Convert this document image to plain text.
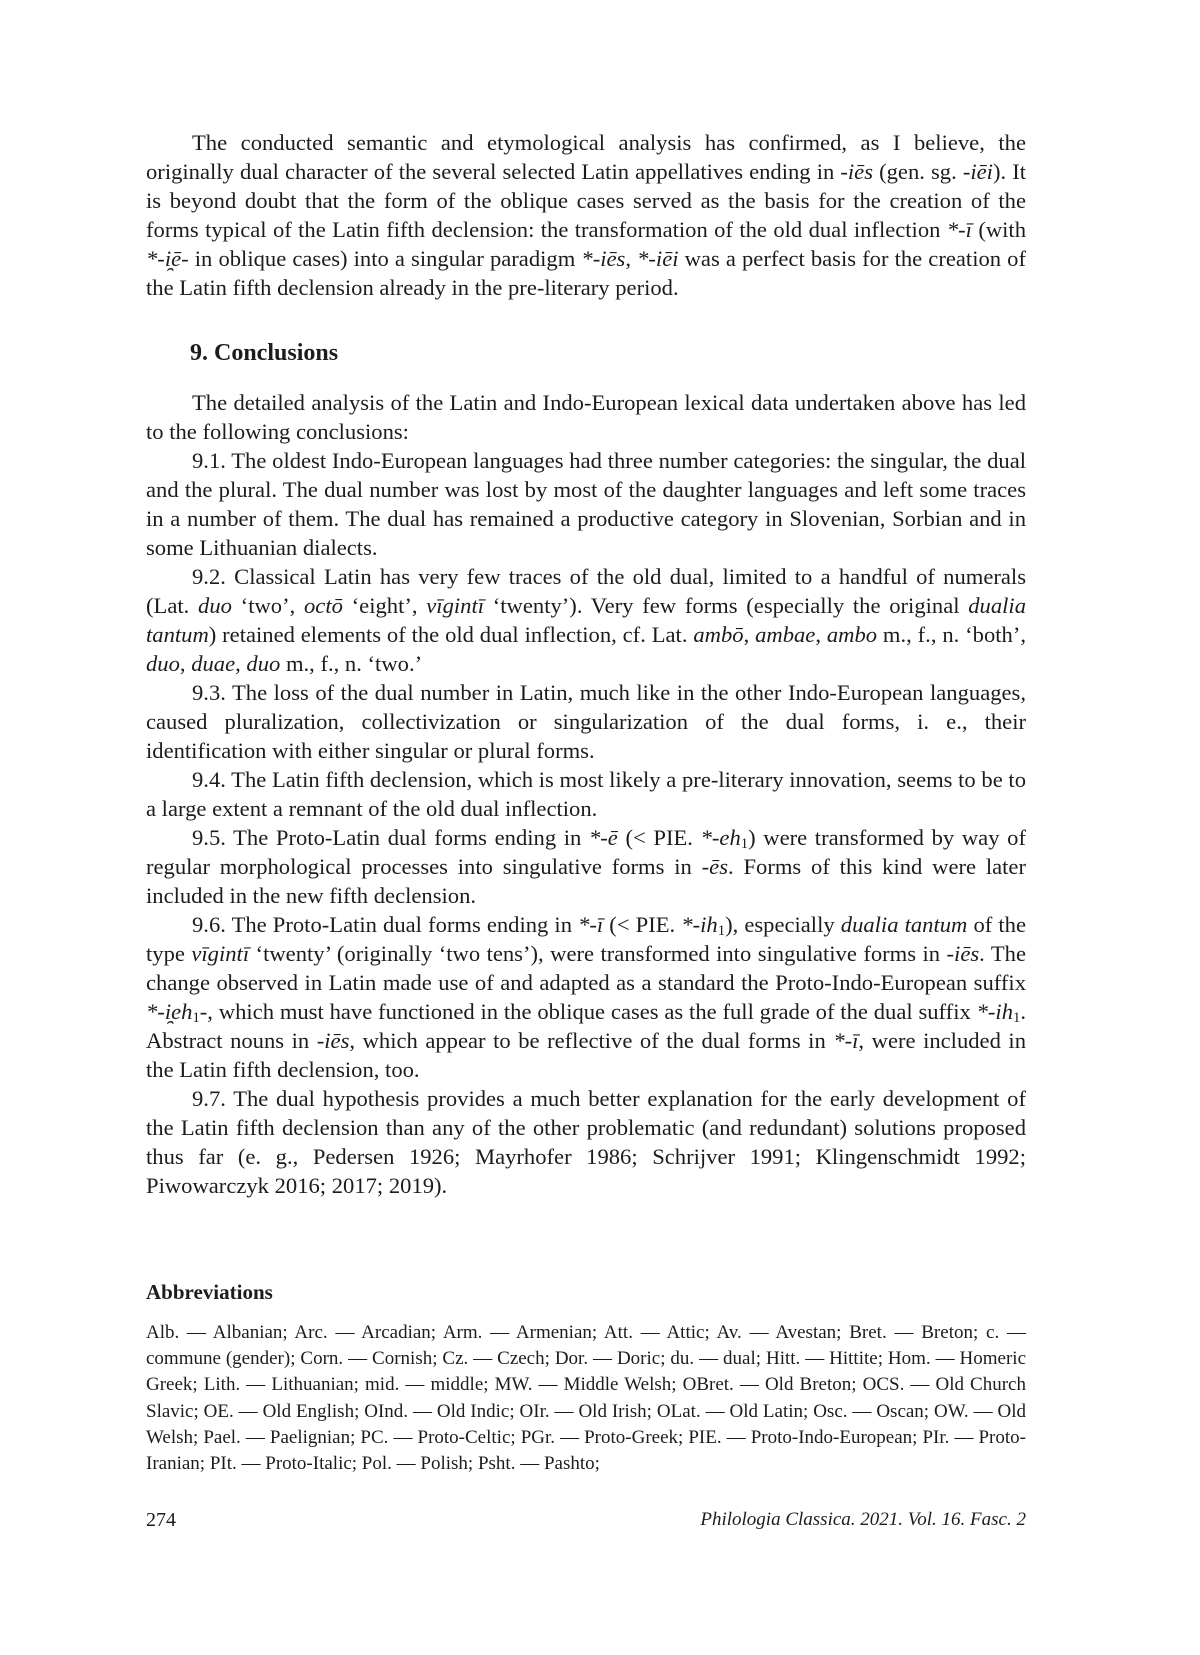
The conducted semantic and etymological analysis has confirmed, as I believe, the originally dual character of the several selected Latin appellatives ending in -iēs (gen. sg. -iēi). It is beyond doubt that the form of the oblique cases served as the basis for the creation of the forms typical of the Latin fifth declension: the transformation of the old dual inflection *-ī (with *-i̯ē- in oblique cases) into a singular paradigm *-iēs, *-iēi was a perfect basis for the creation of the Latin fifth declension already in the pre-literary period.

9. Conclusions

The detailed analysis of the Latin and Indo-European lexical data undertaken above has led to the following conclusions:

9.1. The oldest Indo-European languages had three number categories: the singular, the dual and the plural. The dual number was lost by most of the daughter languages and left some traces in a number of them. The dual has remained a productive category in Slovenian, Sorbian and in some Lithuanian dialects.

9.2. Classical Latin has very few traces of the old dual, limited to a handful of numerals (Lat. duo ‘two’, octō ‘eight’, vīgintī ‘twenty’). Very few forms (especially the original dualia tantum) retained elements of the old dual inflection, cf. Lat. ambō, ambae, ambo m., f., n. ‘both’, duo, duae, duo m., f., n. ‘two.’

9.3. The loss of the dual number in Latin, much like in the other Indo-European languages, caused pluralization, collectivization or singularization of the dual forms, i. e., their identification with either singular or plural forms.

9.4. The Latin fifth declension, which is most likely a pre-literary innovation, seems to be to a large extent a remnant of the old dual inflection.

9.5. The Proto-Latin dual forms ending in *-ē (< PIE. $*-eh_1$) were transformed by way of regular morphological processes into singulative forms in -ēs. Forms of this kind were later included in the new fifth declension.

9.6. The Proto-Latin dual forms ending in *-ī (< PIE. $*-ih_1$), especially dualia tantum of the type vīgintī ‘twenty’ (originally ‘two tens’), were transformed into singulative forms in -iēs. The change observed in Latin made use of and adapted as a standard the Proto-Indo-European suffix $*-i̯eh_1-$, which must have functioned in the oblique cases as the full grade of the dual suffix $*-ih_1$. Abstract nouns in -iēs, which appear to be reflective of the dual forms in *-ī, were included in the Latin fifth declension, too.

9.7. The dual hypothesis provides a much better explanation for the early development of the Latin fifth declension than any of the other problematic (and redundant) solutions proposed thus far (e. g., Pedersen 1926; Mayrhofer 1986; Schrijver 1991; Klingenschmidt 1992; Piwowarczyk 2016; 2017; 2019).

Abbreviations

Alb. — Albanian; Arc. — Arcadian; Arm. — Armenian; Att. — Attic; Av. — Avestan; Bret. — Breton; c. — commune (gender); Corn. — Cornish; Cz. — Czech; Dor. — Doric; du. — dual; Hitt. — Hittite; Hom. — Homeric Greek; Lith. — Lithuanian; mid. — middle; MW. — Middle Welsh; OBret. — Old Breton; OCS. — Old Church Slavic; OE. — Old English; OInd. — Old Indic; OIr. — Old Irish; OLat. — Old Latin; Osc. — Oscan; OW. — Old Welsh; Pael. — Paelignian; PC. — Proto-Celtic; PGr. — Proto-Greek; PIE. — Proto-Indo-European; PIr. — Proto-Iranian; PIt. — Proto-Italic; Pol. — Polish; Psht. — Pashto;

274	Philologia Classica. 2021. Vol. 16. Fasc. 2
